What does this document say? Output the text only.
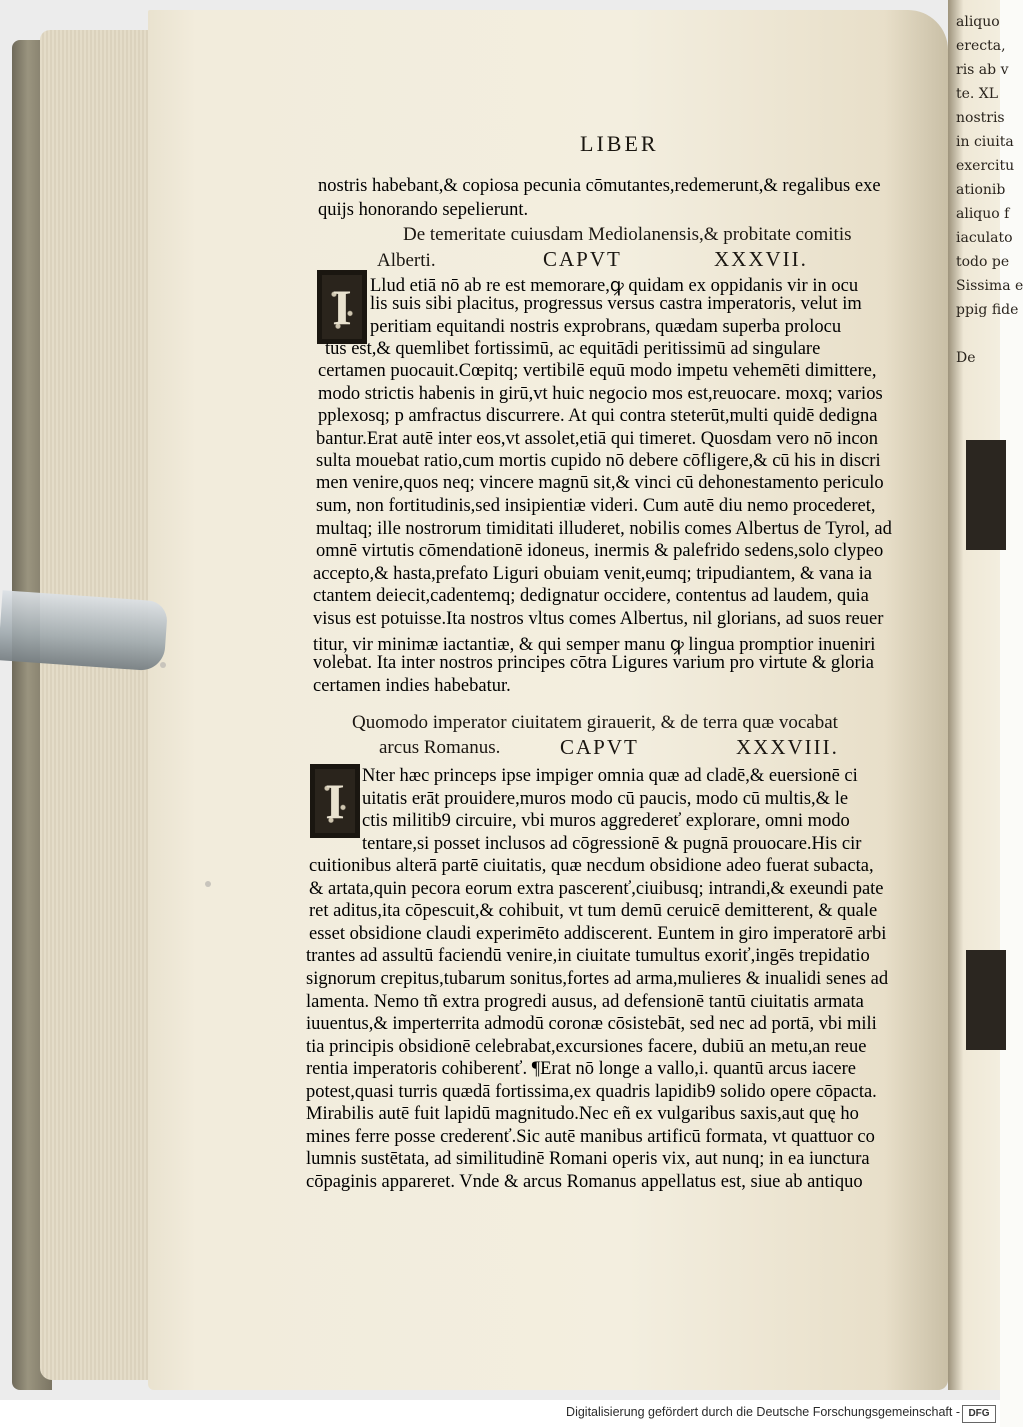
aliquo
erecta,
ris ab v
te. XL
nostris
in ciuita
exercitu
ationib
aliquo f
iaculato
todo pe
Sissima e
ppig fide

De
LIBER
nostris habebant,& copiosa pecunia cōmutantes,redemerunt,& regalibus exe
quijs honorando sepelierunt.
De temeritate cuiusdam Mediolanensis,& probitate comitis
Alberti.	CAPVT	XXXVII.
I Llud etiā nō ab re est memorare,ꝙ quidam ex oppidanis vir in ocu
lis suis sibi placitus, progressus versus castra imperatoris, velut im
peritiam equitandi nostris exprobrans, quædam superba prolocu
tus est,& quemlibet fortissimū, ac equitādi peritissimū ad singulare
certamen puocauit.Cœpitq; vertibilē equū modo impetu vehemēti dimittere,
modo strictis habenis in girū,vt huic negocio mos est,reuocare. moxq; varios
pplexosq; p amfractus discurrere. At qui contra steterūt,multi quidē dedigna
bantur.Erat autē inter eos,vt assolet,etiā qui timeret. Quosdam vero nō incon
sulta mouebat ratio,cum mortis cupido nō debere cōfligere,& cū his in discri
men venire,quos neq; vincere magnū sit,& vinci cū dehonestamento periculo
sum, non fortitudinis,sed insipientiæ videri. Cum autē diu nemo procederet,
multaq; ille nostrorum timiditati illuderet, nobilis comes Albertus de Tyrol, ad
omnē virtutis cōmendationē idoneus, inermis & palefrido sedens,solo clypeo
accepto,& hasta,prefato Liguri obuiam venit,eumq; tripudiantem, & vana ia
ctantem deiecit,cadentemq; dedignatur occidere, contentus ad laudem, quia
visus est potuisse.Ita nostros vltus comes Albertus, nil glorians, ad suos reuer
titur, vir minimæ iactantiæ, & qui semper manu ꝙ lingua promptior inueniri
volebat. Ita inter nostros principes cōtra Ligures varium pro virtute & gloria
certamen indies habebatur.
Quomodo imperator ciuitatem girauerit, & de terra quæ vocabat
arcus Romanus.	CAPVT	XXXVIII.
I Nter hæc princeps ipse impiger omnia quæ ad cladē,& euersionē ci
uitatis erāt prouidere,muros modo cū paucis, modo cū multis,& le
ctis militib9 circuire, vbi muros aggredereť explorare, omni modo
tentare,si posset inclusos ad cōgressionē & pugnā prouocare.His cir
cuitionibus alterā partē ciuitatis, quæ necdum obsidione adeo fuerat subacta,
& artata,quin pecora eorum extra pascerenť,ciuibusq; intrandi,& exeundi pate
ret aditus,ita cōpescuit,& cohibuit, vt tum demū ceruicē demitterent, & quale
esset obsidione claudi experimēto addiscerent. Euntem in giro imperatorē arbi
trantes ad assultū faciendū venire,in ciuitate tumultus exoriť,ingēs trepidatio
signorum crepitus,tubarum sonitus,fortes ad arma,mulieres & inualidi senes ad
lamenta. Nemo tñ extra progredi ausus, ad defensionē tantū ciuitatis armata
iuuentus,& imperterrita admodū coronæ cōsistebāt, sed nec ad portā, vbi mili
tia principis obsidionē celebrabat,excursiones facere, dubiū an metu,an reue
rentia imperatoris cohiberenť. ¶Erat nō longe a vallo,i. quantū arcus iacere
potest,quasi turris quædā fortissima,ex quadris lapidib9 solido opere cōpacta.
Mirabilis autē fuit lapidū magnitudo.Nec eñ ex vulgaribus saxis,aut quę ho
mines ferre posse crederenť.Sic autē manibus artificū formata, vt quattuor co
lumnis sustētata, ad similitudinē Romani operis vix, aut nunq; in ea iunctura
cōpaginis appareret. Vnde & arcus Romanus appellatus est, siue ab antiquo
Digitalisierung gefördert durch die Deutsche Forschungsgemeinschaft - DFG
